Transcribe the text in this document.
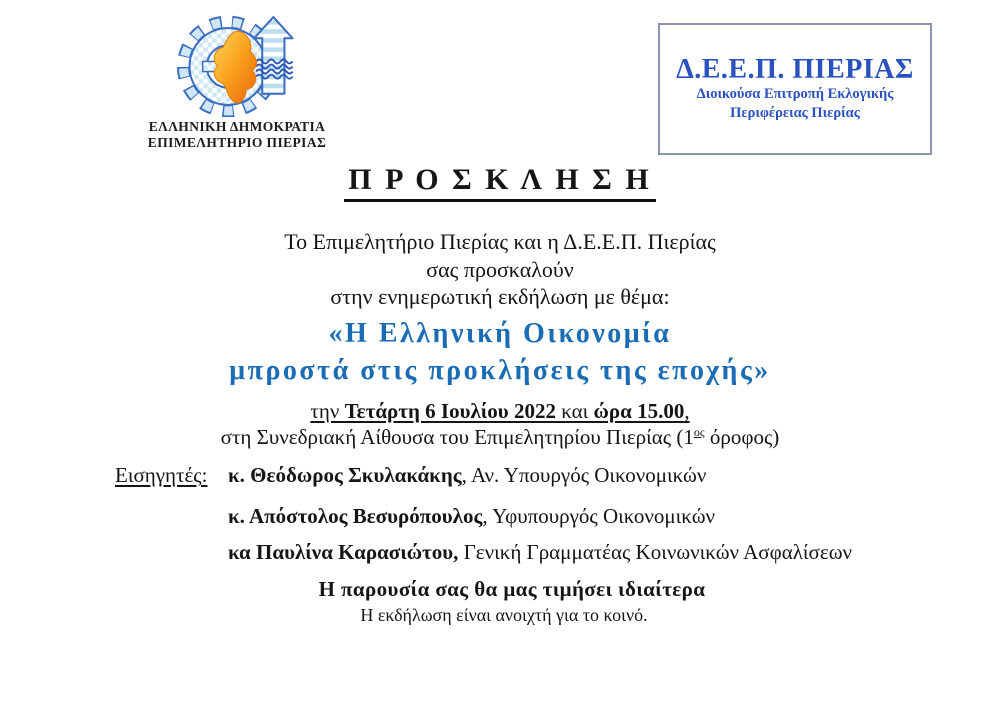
ΕΛΛΗΝΙΚΗ ΔΗΜΟΚΡΑΤΙΑ
ΕΠΙΜΕΛΗΤΗΡΙΟ ΠΙΕΡΙΑΣ
Δ.Ε.Ε.Π. ΠΙΕΡΙΑΣ
Διοικούσα Επιτροπή Εκλογικής
Περιφέρειας Πιερίας
Π Ρ Ο Σ Κ Λ Η Σ Η
Το Επιμελητήριο Πιερίας και η Δ.Ε.Ε.Π. Πιερίας
σας προσκαλούν
στην ενημερωτική εκδήλωση με θέμα:
«Η Ελληνική Οικονομία
μπροστά στις προκλήσεις της εποχής»
την Τετάρτη 6 Ιουλίου 2022 και ώρα 15.00,
στη Συνεδριακή Αίθουσα του Επιμελητηρίου Πιερίας ($1^{o\varsigma}$ όροφος)
Εισηγητές: κ. Θεόδωρος Σκυλακάκης, Αν. Υπουργός Οικονομικών
κ. Απόστολος Βεσυρόπουλος, Υφυπουργός Οικονομικών
κα Παυλίνα Καρασιώτου, Γενική Γραμματέας Κοινωνικών Ασφαλίσεων
Η παρουσία σας θα μας τιμήσει ιδιαίτερα
Η εκδήλωση είναι ανοιχτή για το κοινό.
